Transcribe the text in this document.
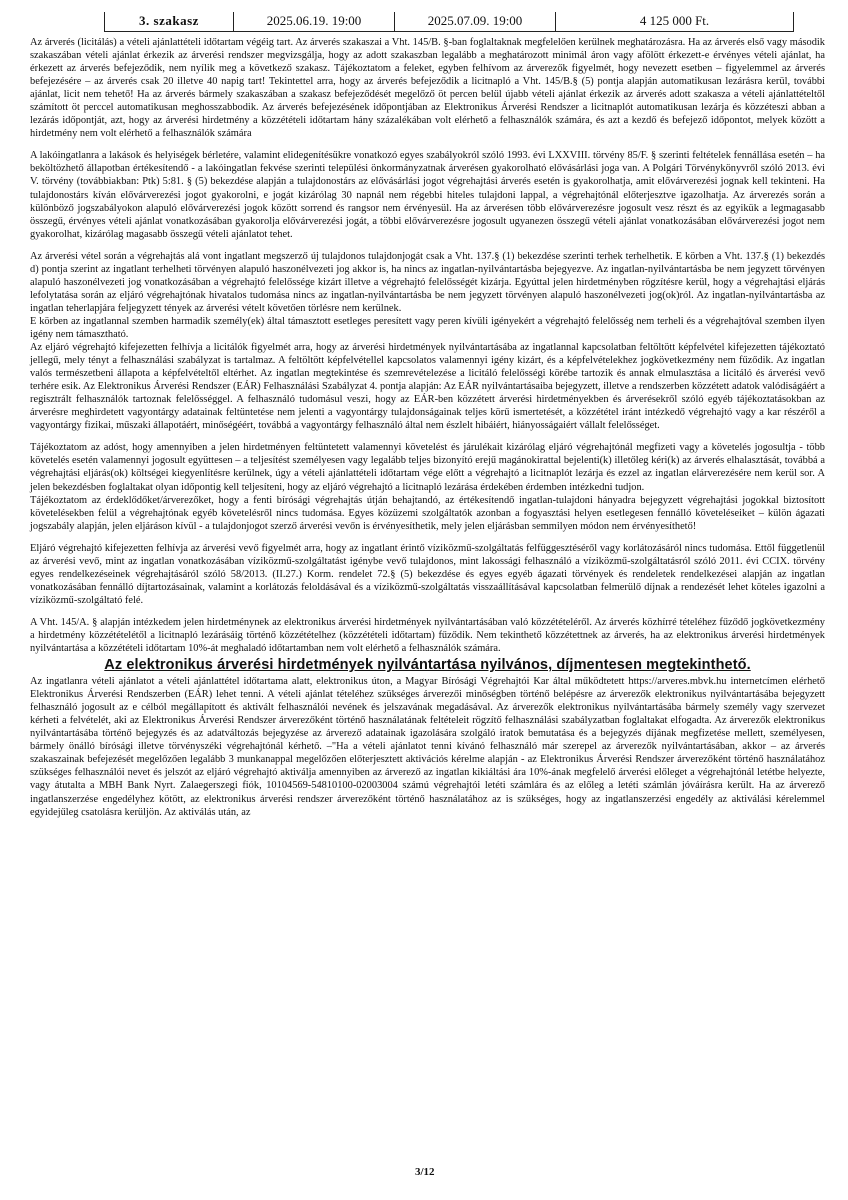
3. szakasz	2025.06.19. 19:00	2025.07.09. 19:00	4 125 000 Ft.

Az árverés (licitálás) a vételi ajánlattételi időtartam végéig tart. Az árverés szakaszai a Vht. 145/B. §-ban foglaltaknak megfelelően kerülnek meghatározásra. Ha az árverés első vagy második szakaszában vételi ajánlat érkezik az árverési rendszer megvizsgálja, hogy az adott szakaszban legalább a meghatározott minimál áron vagy afölött érkezett-e érvényes vételi ajánlat, ha érkezett az árverés befejeződik, nem nyílik meg a következő szakasz. Tájékoztatom a feleket, egyben felhívom az árverezők figyelmét, hogy nevezett esetben – figyelemmel az árverés befejezésére – az árverés csak 20 illetve 40 napig tart! Tekintettel arra, hogy az árverés befejeződik a licitnapló a Vht. 145/B.§ (5) pontja alapján automatikusan lezárásra kerül, további ajánlat, licit nem tehető! Ha az árverés bármely szakaszában a szakasz befejeződését megelőző öt percen belül újabb vételi ajánlat érkezik az árverés adott szakasza a vételi ajánlattételtől számított öt perccel automatikusan meghosszabbodik. Az árverés befejezésének időpontjában az Elektronikus Árverési Rendszer a licitnaplót automatikusan lezárja és közzéteszi abban a lezárás időpontját, azt, hogy az árverési hirdetmény a közzétételi időtartam hány százalékában volt elérhető a felhasználók számára, és azt a kezdő és befejező időpontot, melyek között a hirdetmény nem volt elérhető a felhasználók számára

A lakóingatlanra a lakások és helyiségek bérletére, valamint elidegenítésükre vonatkozó egyes szabályokról szóló 1993. évi LXXVIII. törvény 85/F. § szerinti feltételek fennállása esetén – ha beköltözhető állapotban értékesítendő - a lakóingatlan fekvése szerinti települési önkormányzatnak árverésen gyakorolható elővásárlási joga van. A Polgári Törvénykönyvről szóló 2013. évi V. törvény (továbbiakban: Ptk) 5:81. § (5) bekezdése alapján a tulajdonostárs az elővásárlási jogot végrehajtási árverés esetén is gyakorolhatja, amit elővárverezési jognak kell tekinteni. Ha tulajdonostárs kíván elővárverezési jogot gyakorolni, e jogát kizárólag 30 napnál nem régebbi hiteles tulajdoni lappal, a végrehajtónál előterjesztve igazolhatja. Az árverezés során a különböző jogszabályokon alapuló elővárverezési jogok között sorrend és rangsor nem érvényesül. Ha az árverésen több elővárverezésre jogosult vesz részt és az egyikük a legmagasabb összegű, érvényes vételi ajánlat vonatkozásában gyakorolja elővárverezési jogát, a többi elővárverezésre jogosult ugyanezen összegű vételi ajánlat vonatkozásában elővárverezési jogot nem gyakorolhat, kizárólag magasabb összegű vételi ajánlatot tehet.

Az árverési vétel során a végrehajtás alá vont ingatlant megszerző új tulajdonos tulajdonjogát csak a Vht. 137.§ (1) bekezdése szerinti terhek terhelhetik. E körben a Vht. 137.§ (1) bekezdés d) pontja szerint az ingatlant terhelheti törvényen alapuló haszonélvezeti jog akkor is, ha nincs az ingatlan-nyilvántartásba bejegyezve. Az ingatlan-nyilvántartásba be nem jegyzett törvényen alapuló haszonélvezeti jog vonatkozásában a végrehajtó felelőssége kizárt illetve a végrehajtó felelősségét kizárja. Egyúttal jelen hirdetményben rögzítésre kerül, hogy a végrehajtási eljárás lefolytatása során az eljáró végrehajtónak hivatalos tudomása nincs az ingatlan-nyilvántartásba be nem jegyzett törvényen alapuló haszonélvezeti jog(ok)ról. Az ingatlan-nyilvántartásba az ingatlan teherlapjára feljegyzett tények az árverési vételt követően törlésre nem kerülnek.

E körben az ingatlannal szemben harmadik személy(ek) által támasztott esetleges peresített vagy peren kívüli igényekért a végrehajtó felelősség nem terheli és a végrehajtóval szemben ilyen igény nem támasztható.

Az eljáró végrehajtó kifejezetten felhívja a licitálók figyelmét arra, hogy az árverési hirdetmények nyilvántartásába az ingatlannal kapcsolatban feltöltött képfelvétel kifejezetten tájékoztató jellegű, mely tényt a felhasználási szabályzat is tartalmaz. A feltöltött képfelvétellel kapcsolatos valamennyi igény kizárt, és a képfelvételekhez jogkövetkezmény nem fűződik. Az ingatlan valós természetbeni állapota a képfelvételtől eltérhet. Az ingatlan megtekintése és szemrevételezése a licitáló felelősségi körébe tartozik és annak elmulasztása a licitáló és árverési vevő terhére esik. Az Elektronikus Árverési Rendszer (EÁR) Felhasználási Szabályzat 4. pontja alapján: Az EÁR nyilvántartásaiba bejegyzett, illetve a rendszerben közzétett adatok valódiságáért a regisztrált felhasználók tartoznak felelősséggel. A felhasználó tudomásul veszi, hogy az EÁR-ben közzétett árverési hirdetményekben és árverésekről szóló egyéb tájékoztatásokban az árverésre meghirdetett vagyontárgy adatainak feltüntetése nem jelenti a vagyontárgy tulajdonságainak teljes körű ismertetését, a közzététel iránt intézkedő végrehajtó vagy a kar részéről a vagyontárgy fizikai, műszaki állapotáért, minőségéért, továbbá a vagyontárgy felhasználó által nem észlelt hibáiért, hiányosságaiért vállalt felelősséget.

Tájékoztatom az adóst, hogy amennyiben a jelen hirdetményen feltüntetett valamennyi követelést és járulékait kizárólag eljáró végrehajtónál megfizeti vagy a követelés jogosultja - több követelés esetén valamennyi jogosult együttesen – a teljesítést személyesen vagy legalább teljes bizonyító erejű magánokirattal bejelenti(k) illetőleg kéri(k) az árverés elhalasztását, továbbá a végrehajtási eljárás(ok) költségei kiegyenlítésre kerülnek, úgy a vételi ajánlattételi időtartam vége előtt a végrehajtó a licitnaplót lezárja és ezzel az ingatlan elárverezésére nem kerül sor. A jelen bekezdésben foglaltakat olyan időpontig kell teljesíteni, hogy az eljáró végrehajtó a licitnapló lezárása érdekében érdemben intézkedni tudjon.

Tájékoztatom az érdeklődőket/árverezőket, hogy a fenti bírósági végrehajtás útján behajtandó, az értékesítendő ingatlan-tulajdoni hányadra bejegyzett végrehajtási jogokkal biztosított követelésekben felül a végrehajtónak egyéb követelésről nincs tudomása. Egyes közüzemi szolgáltatók azonban a fogyasztási helyen esetlegesen fennálló követeléseiket – külön ágazati jogszabály alapján, jelen eljáráson kívül - a tulajdonjogot szerző árverési vevőn is érvényesíthetik, mely jelen eljárásban semmilyen módon nem érvényesíthető!

Eljáró végrehajtó kifejezetten felhívja az árverési vevő figyelmét arra, hogy az ingatlant érintő víziközmű-szolgáltatás felfüggesztéséről vagy korlátozásáról nincs tudomása. Ettől függetlenül az árverési vevő, mint az ingatlan vonatkozásában víziközmű-szolgáltatást igénybe vevő tulajdonos, mint lakossági felhasználó a víziközmű-szolgáltatásról szóló 2011. évi CCIX. törvény egyes rendelkezéseinek végrehajtásáról szóló 58/2013. (II.27.) Korm. rendelet 72.§ (5) bekezdése és egyes egyéb ágazati törvények és rendeletek rendelkezései alapján az ingatlan vonatkozásában fennálló díjtartozásainak, valamint a korlátozás feloldásával és a víziközmű-szolgáltatás visszaállításával kapcsolatban felmerülő díjnak a rendezését lehet köteles igazolni a víziközmű-szolgáltató felé.

A Vht. 145/A. § alapján intézkedem jelen hirdetménynek az elektronikus árverési hirdetmények nyilvántartásában való közzétételéről. Az árverés közhírré tételéhez fűződő jogkövetkezmény a hirdetmény közzétételétől a licitnapló lezárásáig történő közzétételhez (közzétételi időtartam) fűződik. Nem tekinthető közzétettnek az árverés, ha az elektronikus árverési hirdetmények nyilvántartása a közzétételi időtartam 10%-át meghaladó időtartamban nem volt elérhető a felhasználók számára.

Az elektronikus árverési hirdetmények nyilvántartása nyilvános, díjmentesen megtekinthető.

Az ingatlanra vételi ajánlatot a vételi ajánlattétel időtartama alatt, elektronikus úton, a Magyar Bírósági Végrehajtói Kar által működtetett https://arveres.mbvk.hu internetcímen elérhető Elektronikus Árverési Rendszerben (EÁR) lehet tenni. A vételi ajánlat tételéhez szükséges árverezői minőségben történő belépésre az árverezők elektronikus nyilvántartásába bejegyzett felhasználó jogosult az e célból megállapított és aktivált felhasználói nevének és jelszavának megadásával. Az árverezők elektronikus nyilvántartásába bármely személy vagy szervezet kérheti a felvételét, aki az Elektronikus Árverési Rendszer árverezőként történő használatának feltételeit rögzítő felhasználási szabályzatban foglaltakat elfogadta. Az árverezők elektronikus nyilvántartásába történő bejegyzés és az adatváltozás bejegyzése az árverező adatainak igazolására szolgáló iratok bemutatása és a bejegyzés díjának megfizetése mellett, személyesen, bármely önálló bírósági illetve törvényszéki végrehajtónál kérhető. –"Ha a vételi ajánlatot tenni kívánó felhasználó már szerepel az árverezők nyilvántartásában, akkor – az árverés szakaszainak befejezését megelőzően legalább 3 munkanappal megelőzően előterjesztett aktivációs kérelme alapján - az Elektronikus Árverési Rendszer árverezőként történő használatához szükséges felhasználói nevet és jelszót az eljáró végrehajtó aktiválja amennyiben az árverező az ingatlan kikiáltási ára 10%-ának megfelelő árverési előleget a végrehajtónál letétbe helyezte, vagy átutalta a MBH Bank Nyrt. Zalaegerszegi fiók, 10104569-54810100-02003004 számú végrehajtói letéti számlára és az előleg a letéti számlán jóváírásra került. Ha az árverező ingatlanszerzése engedélyhez kötött, az elektronikus árverési rendszer árverezőként történő használatához az is szükséges, hogy az ingatlanszerzési engedély az aktiválási kérelemmel egyidejűleg csatolásra kerüljön. Az aktiválás után, az

3/12
